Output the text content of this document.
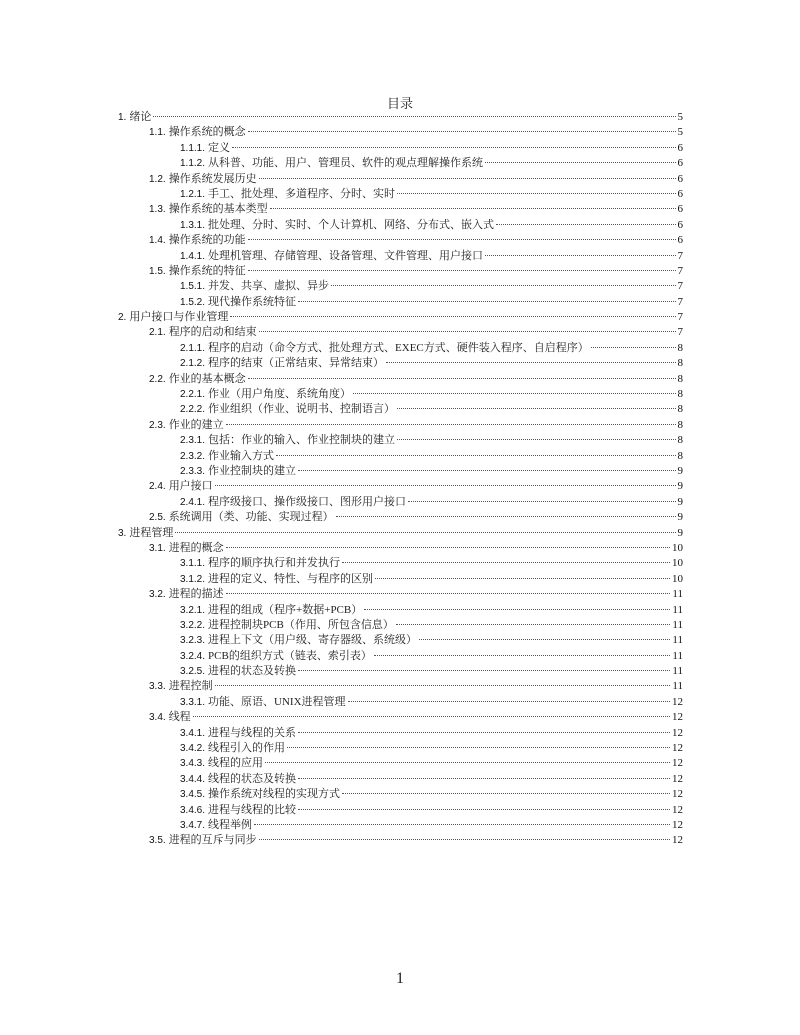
目录
1. 绪论	5
1.1. 操作系统的概念	5
1.1.1. 定义	6
1.1.2. 从科普、功能、用户、管理员、软件的观点理解操作系统	6
1.2. 操作系统发展历史	6
1.2.1. 手工、批处理、多道程序、分时、实时	6
1.3. 操作系统的基本类型	6
1.3.1. 批处理、分时、实时、个人计算机、网络、分布式、嵌入式	6
1.4. 操作系统的功能	6
1.4.1. 处理机管理、存储管理、设备管理、文件管理、用户接口	7
1.5. 操作系统的特征	7
1.5.1. 并发、共享、虚拟、异步	7
1.5.2. 现代操作系统特征	7
2. 用户接口与作业管理	7
2.1. 程序的启动和结束	7
2.1.1. 程序的启动（命令方式、批处理方式、EXEC方式、硬件装入程序、自启程序）	8
2.1.2. 程序的结束（正常结束、异常结束）	8
2.2. 作业的基本概念	8
2.2.1. 作业（用户角度、系统角度）	8
2.2.2. 作业组织（作业、说明书、控制语言）	8
2.3. 作业的建立	8
2.3.1. 包括：作业的输入、作业控制块的建立	8
2.3.2. 作业输入方式	8
2.3.3. 作业控制块的建立	9
2.4. 用户接口	9
2.4.1. 程序级接口、操作级接口、图形用户接口	9
2.5. 系统调用（类、功能、实现过程）	9
3. 进程管理	9
3.1. 进程的概念	10
3.1.1. 程序的顺序执行和并发执行	10
3.1.2. 进程的定义、特性、与程序的区别	10
3.2. 进程的描述	11
3.2.1. 进程的组成（程序+数据+PCB）	11
3.2.2. 进程控制块PCB（作用、所包含信息）	11
3.2.3. 进程上下文（用户级、寄存器级、系统级）	11
3.2.4. PCB的组织方式（链表、索引表）	11
3.2.5. 进程的状态及转换	11
3.3. 进程控制	11
3.3.1. 功能、原语、UNIX进程管理	12
3.4. 线程	12
3.4.1. 进程与线程的关系	12
3.4.2. 线程引入的作用	12
3.4.3. 线程的应用	12
3.4.4. 线程的状态及转换	12
3.4.5. 操作系统对线程的实现方式	12
3.4.6. 进程与线程的比较	12
3.4.7. 线程举例	12
3.5. 进程的互斥与同步	12
1
